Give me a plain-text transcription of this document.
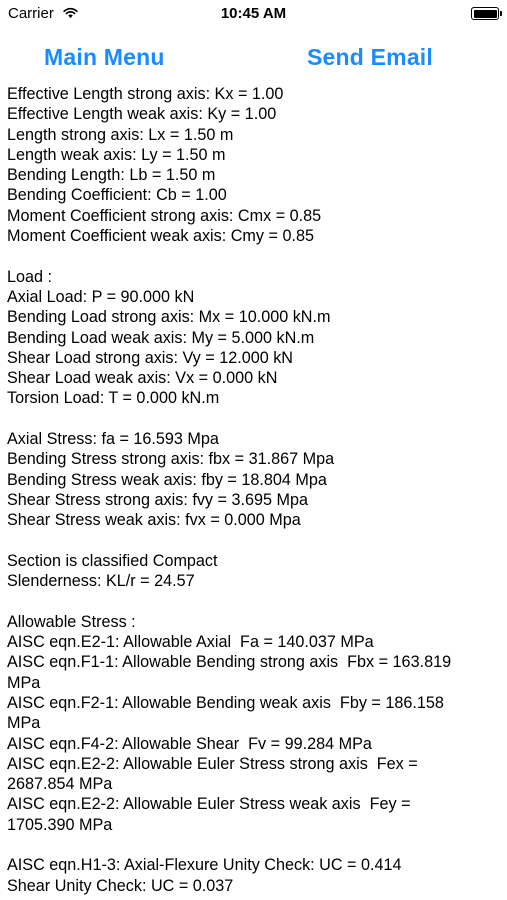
Carrier	10:45 AM
Main Menu	Send Email
Effective Length strong axis: Kx = 1.00
Effective Length weak axis: Ky = 1.00
Length strong axis: Lx = 1.50 m
Length weak axis: Ly = 1.50 m
Bending Length: Lb = 1.50 m
Bending Coefficient: Cb = 1.00
Moment Coefficient strong axis: Cmx = 0.85
Moment Coefficient weak axis: Cmy = 0.85
Load :
Axial Load: P = 90.000 kN
Bending Load strong axis: Mx = 10.000 kN.m
Bending Load weak axis: My = 5.000 kN.m
Shear Load strong axis: Vy = 12.000 kN
Shear Load weak axis: Vx = 0.000 kN
Torsion Load: T = 0.000 kN.m
Axial Stress: fa = 16.593 Mpa
Bending Stress strong axis: fbx = 31.867 Mpa
Bending Stress weak axis: fby = 18.804 Mpa
Shear Stress strong axis: fvy = 3.695 Mpa
Shear Stress weak axis: fvx = 0.000 Mpa
Section is classified Compact
Slenderness: KL/r = 24.57
Allowable Stress :
AISC eqn.E2-1: Allowable Axial  Fa = 140.037 MPa
AISC eqn.F1-1: Allowable Bending strong axis  Fbx = 163.819
MPa
AISC eqn.F2-1: Allowable Bending weak axis  Fby = 186.158
MPa
AISC eqn.F4-2: Allowable Shear  Fv = 99.284 MPa
AISC eqn.E2-2: Allowable Euler Stress strong axis  Fex =
2687.854 MPa
AISC eqn.E2-2: Allowable Euler Stress weak axis  Fey =
1705.390 MPa
AISC eqn.H1-3: Axial-Flexure Unity Check: UC = 0.414
Shear Unity Check: UC = 0.037
